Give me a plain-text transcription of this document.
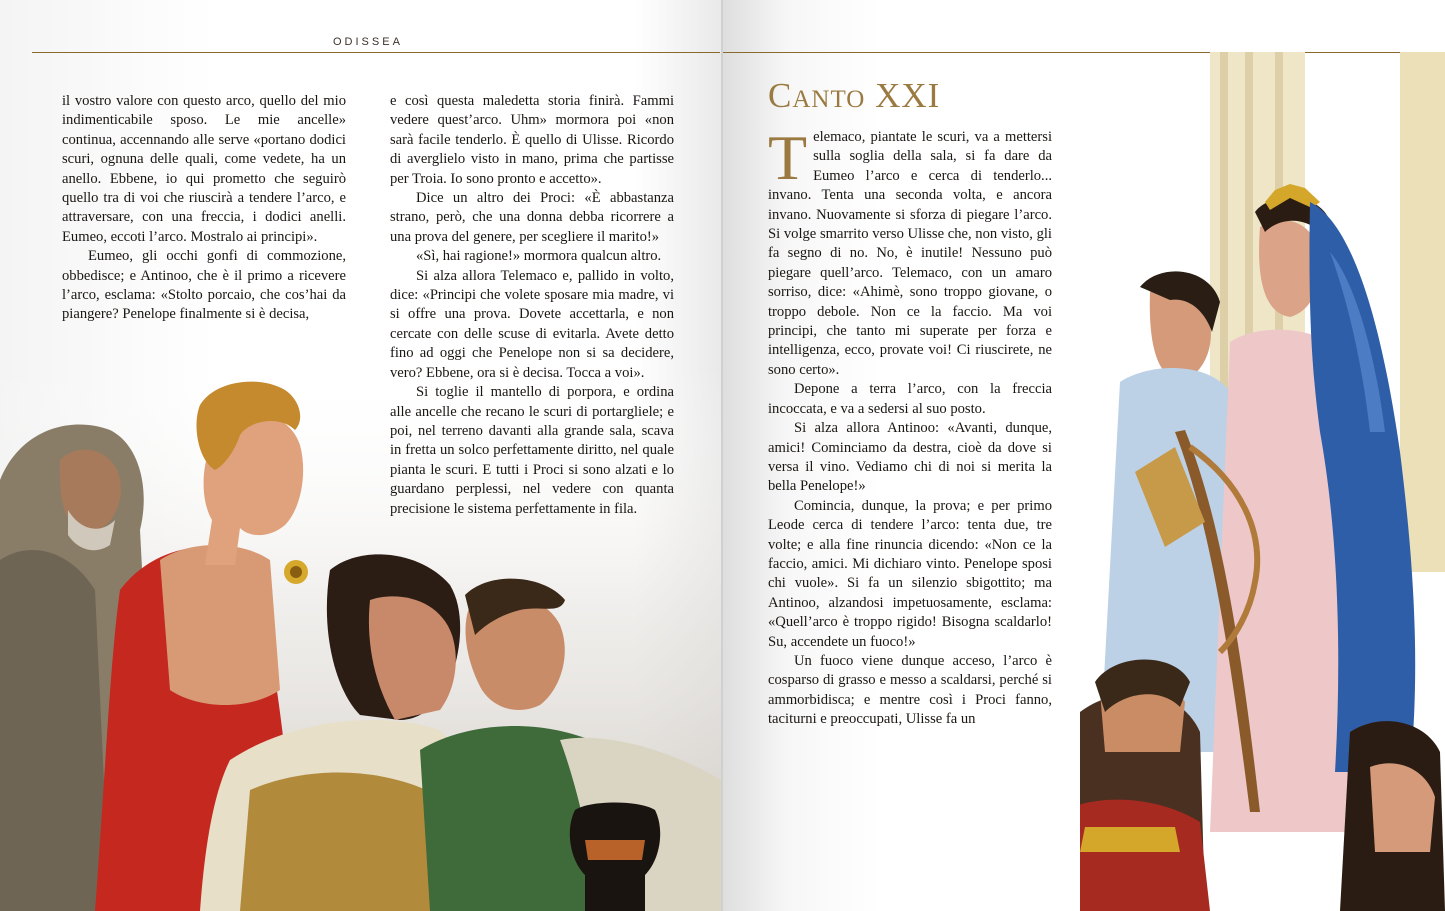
ODISSEA

il vostro valore con questo arco, quello del mio indimenticabile sposo. Le mie ancelle» continua, accennando alle serve «portano dodici scuri, ognuna delle quali, come vedete, ha un anello. Ebbene, io qui prometto che seguirò quello tra di voi che riuscirà a tendere l’arco, e attraversare, con una freccia, i dodici anelli. Eumeo, eccoti l’arco. Mostralo ai principi».

Eumeo, gli occhi gonfi di commozione, obbedisce; e Antinoo, che è il primo a ricevere l’arco, esclama: «Stolto porcaio, che cos’hai da piangere? Penelope finalmente si è decisa,

e così questa maledetta storia finirà. Fammi vedere quest’arco. Uhm» mormora poi «non sarà facile tenderlo. È quello di Ulisse. Ricordo di averglielo visto in mano, prima che partisse per Troia. Io sono pronto e accetto».

Dice un altro dei Proci: «È abbastanza strano, però, che una donna debba ricorrere a una prova del genere, per scegliere il marito!»

«Sì, hai ragione!» mormora qualcun altro.

Si alza allora Telemaco e, pallido in volto, dice: «Principi che volete sposare mia madre, vi si offre una prova. Dovete accettarla, e non cercate con delle scuse di evitarla. Avete detto fino ad oggi che Penelope non si sa decidere, vero? Ebbene, ora si è decisa. Tocca a voi».

Si toglie il mantello di porpora, e ordina alle ancelle che recano le scuri di portargliele; e poi, nel terreno davanti alla grande sala, scava in fretta un solco perfettamente diritto, nel quale pianta le scuri. E tutti i Proci si sono alzati e lo guardano perplessi, nel vedere con quanta precisione le sistema perfettamente in fila.

Canto XXI

Telemaco, piantate le scuri, va a mettersi sulla soglia della sala, si fa dare da Eumeo l’arco e cerca di tenderlo... invano. Tenta una seconda volta, e ancora invano. Nuovamente si sforza di piegare l’arco. Si volge smarrito verso Ulisse che, non visto, gli fa segno di no. No, è inutile! Nessuno può piegare quell’arco. Telemaco, con un amaro sorriso, dice: «Ahimè, sono troppo giovane, o troppo debole. Non ce la faccio. Ma voi principi, che tanto mi superate per forza e intelligenza, ecco, provate voi! Ci riuscirete, ne sono certo».

Depone a terra l’arco, con la freccia incoccata, e va a sedersi al suo posto.

Si alza allora Antinoo: «Avanti, dunque, amici! Cominciamo da destra, cioè da dove si versa il vino. Vediamo chi di noi si merita la bella Penelope!»

Comincia, dunque, la prova; e per primo Leode cerca di tendere l’arco: tenta due, tre volte; e alla fine rinuncia dicendo: «Non ce la faccio, amici. Mi dichiaro vinto. Penelope sposi chi vuole». Si fa un silenzio sbigottito; ma Antinoo, alzandosi impetuosamente, esclama: «Quell’arco è troppo rigido! Bisogna scaldarlo! Su, accendete un fuoco!»

Un fuoco viene dunque acceso, l’arco è cosparso di grasso e messo a scaldarsi, perché si ammorbidisca; e mentre così i Proci fanno, taciturni e preoccupati, Ulisse fa un
